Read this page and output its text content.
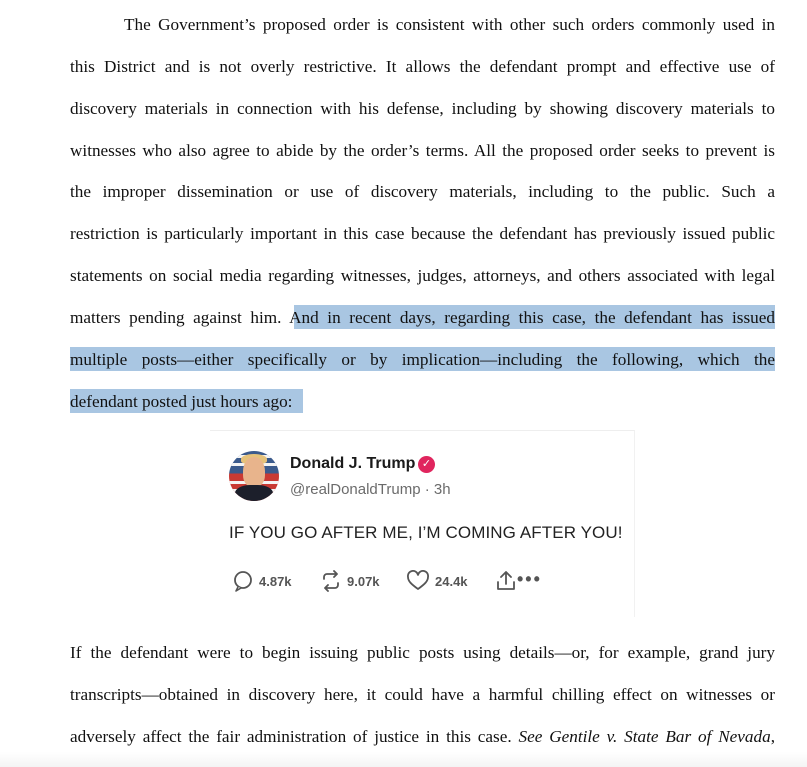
The Government’s proposed order is consistent with other such orders commonly used in
this District and is not overly restrictive. It allows the defendant prompt and effective use of
discovery materials in connection with his defense, including by showing discovery materials to
witnesses who also agree to abide by the order’s terms. All the proposed order seeks to prevent is
the improper dissemination or use of discovery materials, including to the public. Such a
restriction is particularly important in this case because the defendant has previously issued public
statements on social media regarding witnesses, judges, attorneys, and others associated with legal
matters pending against him. And in recent days, regarding this case, the defendant has issued
multiple posts—either specifically or by implication—including the following, which the
defendant posted just hours ago:
Donald J. Trump ✓
@realDonaldTrump · 3h
IF YOU GO AFTER ME, I’M COMING AFTER YOU!
4.87k	9.07k	24.4k	•••
If the defendant were to begin issuing public posts using details—or, for example, grand jury
transcripts—obtained in discovery here, it could have a harmful chilling effect on witnesses or
adversely affect the fair administration of justice in this case. See Gentile v. State Bar of Nevada,
